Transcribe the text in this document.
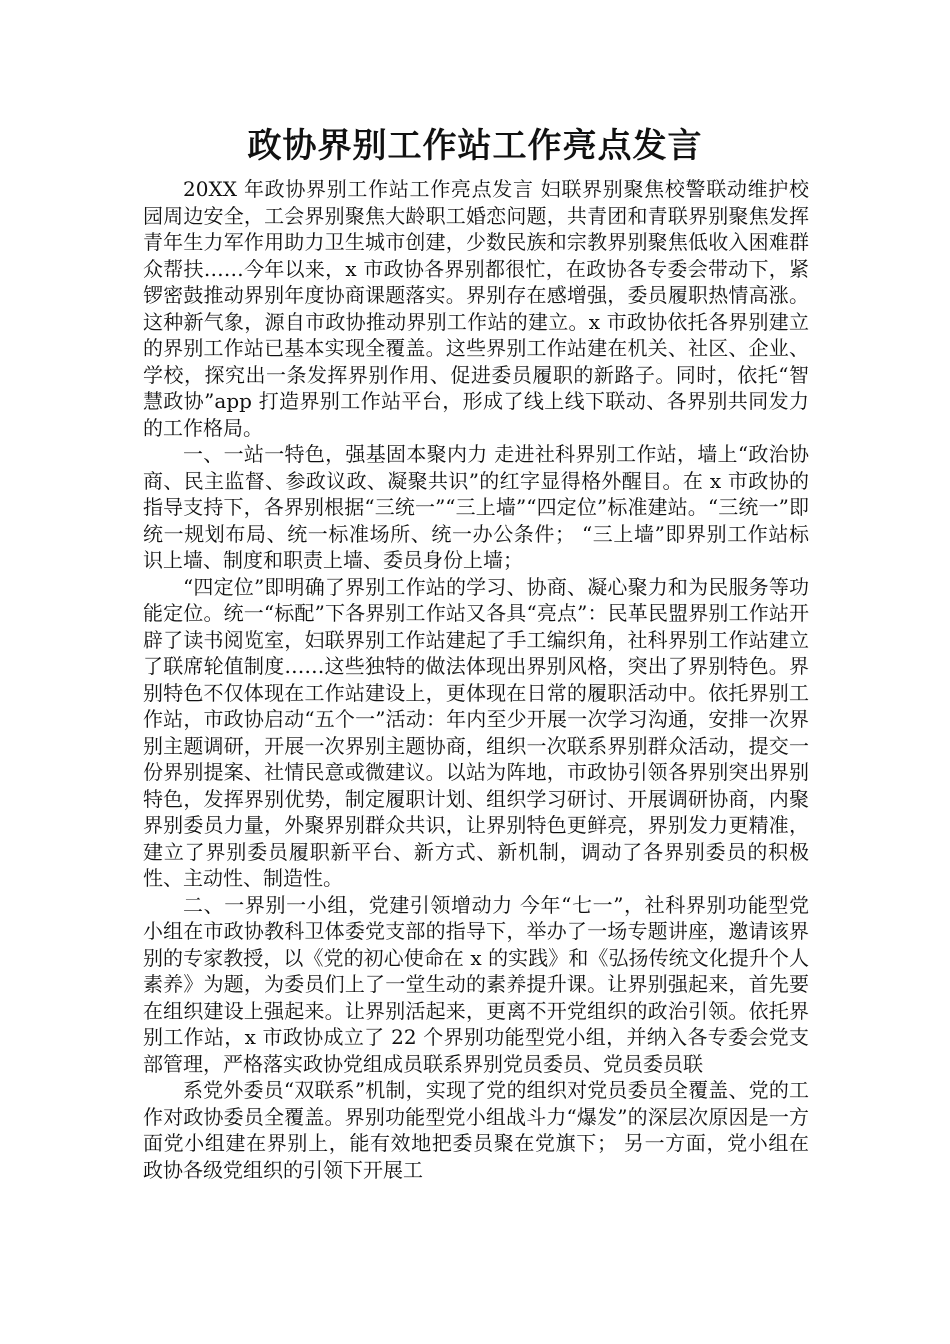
政协界别工作站工作亮点发言

20XX 年政协界别工作站工作亮点发言 妇联界别聚焦校警联动维护校园周边安全，工会界别聚焦大龄职工婚恋问题，共青团和青联界别聚焦发挥青年生力军作用助力卫生城市创建，少数民族和宗教界别聚焦低收入困难群众帮扶……今年以来，x 市政协各界别都很忙，在政协各专委会带动下，紧锣密鼓推动界别年度协商课题落实。界别存在感增强，委员履职热情高涨。这种新气象，源自市政协推动界别工作站的建立。x 市政协依托各界别建立的界别工作站已基本实现全覆盖。这些界别工作站建在机关、社区、企业、学校，探究出一条发挥界别作用、促进委员履职的新路子。同时，依托“智慧政协”app 打造界别工作站平台，形成了线上线下联动、各界别共同发力的工作格局。

一、一站一特色，强基固本聚内力 走进社科界别工作站，墙上“政治协商、民主监督、参政议政、凝聚共识”的红字显得格外醒目。在 x 市政协的指导支持下，各界别根据“三统一”“三上墙”“四定位”标准建站。“三统一”即统一规划布局、统一标准场所、统一办公条件； “三上墙”即界别工作站标识上墙、制度和职责上墙、委员身份上墙；

“四定位”即明确了界别工作站的学习、协商、凝心聚力和为民服务等功能定位。统一“标配”下各界别工作站又各具“亮点”：民革民盟界别工作站开辟了读书阅览室，妇联界别工作站建起了手工编织角，社科界别工作站建立了联席轮值制度……这些独特的做法体现出界别风格，突出了界别特色。界别特色不仅体现在工作站建设上，更体现在日常的履职活动中。依托界别工作站，市政协启动“五个一”活动：年内至少开展一次学习沟通，安排一次界别主题调研，开展一次界别主题协商，组织一次联系界别群众活动，提交一份界别提案、社情民意或微建议。以站为阵地，市政协引领各界别突出界别特色，发挥界别优势，制定履职计划、组织学习研讨、开展调研协商，内聚界别委员力量，外聚界别群众共识，让界别特色更鲜亮，界别发力更精准，建立了界别委员履职新平台、新方式、新机制，调动了各界别委员的积极性、主动性、制造性。

二、一界别一小组，党建引领增动力 今年“七一”，社科界别功能型党小组在市政协教科卫体委党支部的指导下，举办了一场专题讲座，邀请该界别的专家教授，以《党的初心使命在 x 的实践》和《弘扬传统文化提升个人素养》为题，为委员们上了一堂生动的素养提升课。让界别强起来，首先要在组织建设上强起来。让界别活起来，更离不开党组织的政治引领。依托界别工作站，x 市政协成立了 22 个界别功能型党小组，并纳入各专委会党支部管理，严格落实政协党组成员联系界别党员委员、党员委员联

系党外委员“双联系”机制，实现了党的组织对党员委员全覆盖、党的工作对政协委员全覆盖。界别功能型党小组战斗力“爆发”的深层次原因是一方面党小组建在界别上，能有效地把委员聚在党旗下； 另一方面，党小组在政协各级党组织的引领下开展工
